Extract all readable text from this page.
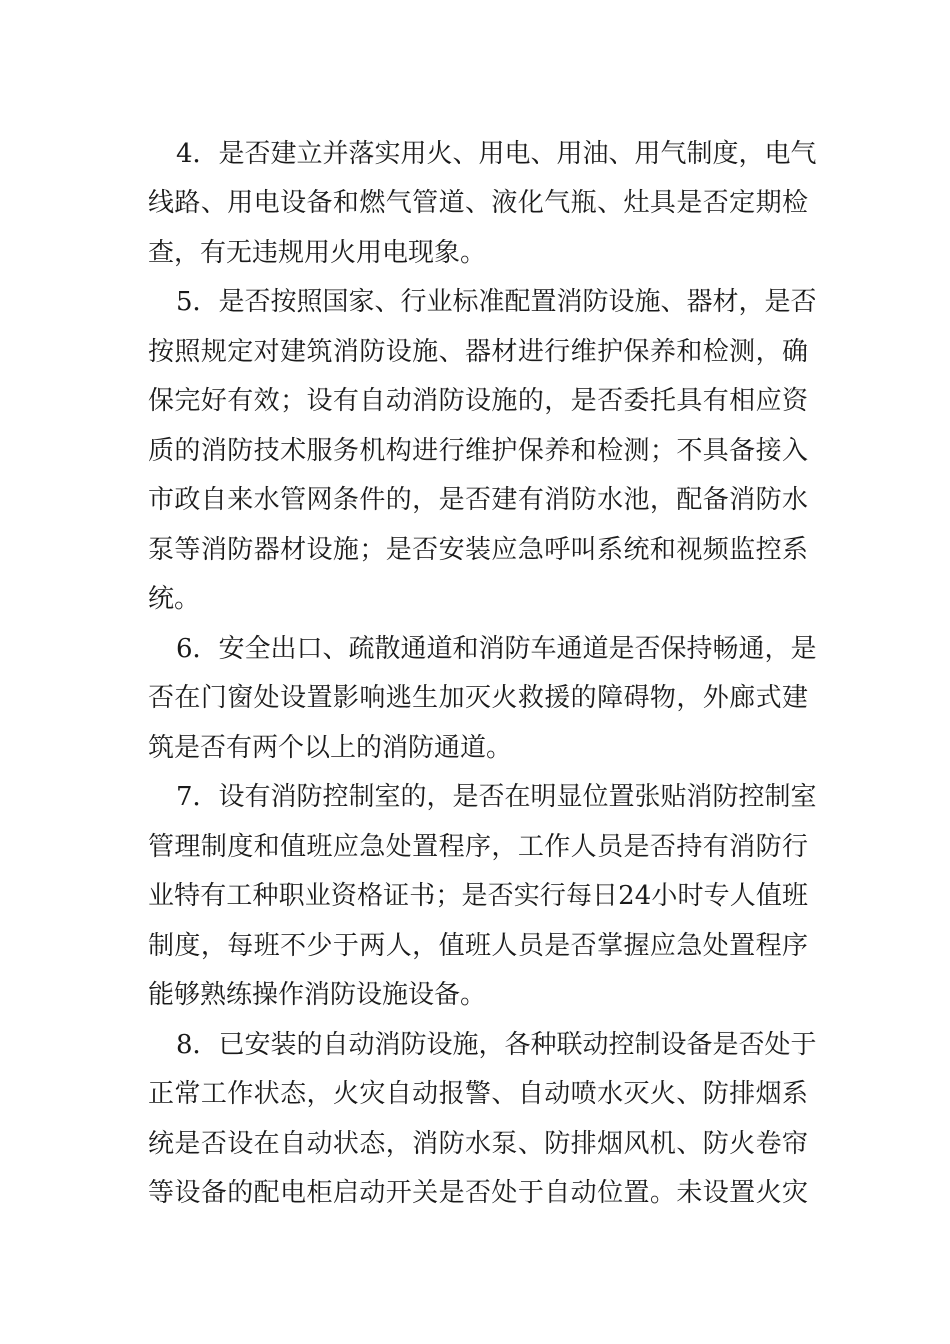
4．是否建立并落实用火、用电、用油、用气制度，电气
线路、用电设备和燃气管道、液化气瓶、灶具是否定期检
查，有无违规用火用电现象。
5．是否按照国家、行业标准配置消防设施、器材，是否
按照规定对建筑消防设施、器材进行维护保养和检测，确
保完好有效；设有自动消防设施的，是否委托具有相应资
质的消防技术服务机构进行维护保养和检测；不具备接入
市政自来水管网条件的，是否建有消防水池，配备消防水
泵等消防器材设施；是否安装应急呼叫系统和视频监控系
统。
6．安全出口、疏散通道和消防车通道是否保持畅通，是
否在门窗处设置影响逃生加灭火救援的障碍物，外廊式建
筑是否有两个以上的消防通道。
7．设有消防控制室的，是否在明显位置张贴消防控制室
管理制度和值班应急处置程序，工作人员是否持有消防行
业特有工种职业资格证书；是否实行每日24小时专人值班
制度，每班不少于两人，值班人员是否掌握应急处置程序
能够熟练操作消防设施设备。
8．已安装的自动消防设施，各种联动控制设备是否处于
正常工作状态，火灾自动报警、自动喷水灭火、防排烟系
统是否设在自动状态，消防水泵、防排烟风机、防火卷帘
等设备的配电柜启动开关是否处于自动位置。未设置火灾
